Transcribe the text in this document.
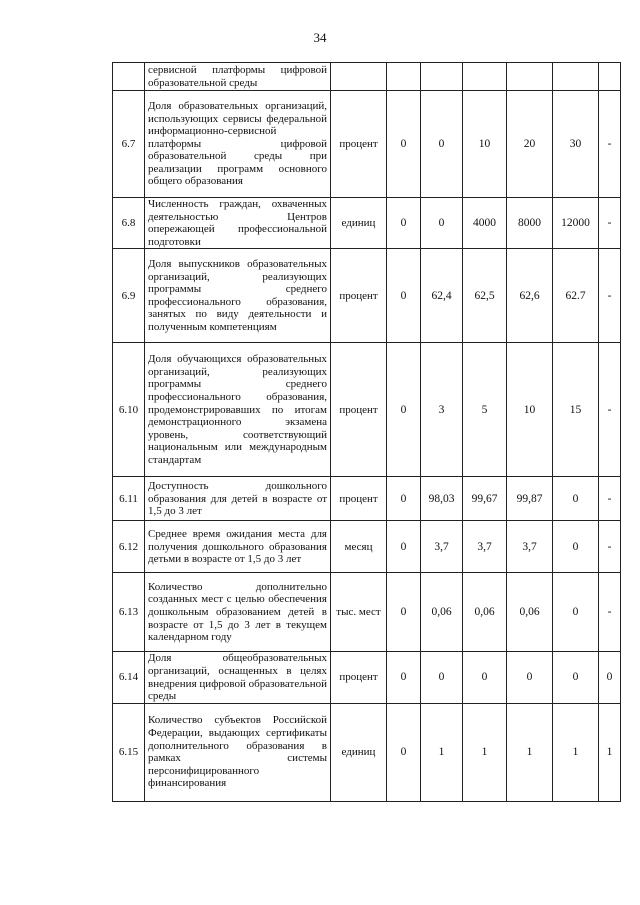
34
	сервисной платформы цифровой образовательной среды							
6.7	Доля образовательных организаций, использующих сервисы федеральной информационно-сервисной платформы цифровой образовательной среды при реализации программ основного общего образования	процент	0	0	10	20	30	-
6.8	Численность граждан, охваченных деятельностью Центров опережающей профессиональной подготовки	единиц	0	0	4000	8000	12000	-
6.9	Доля выпускников образовательных организаций, реализующих программы среднего профессионального образования, занятых по виду деятельности и полученным компетенциям	процент	0	62,4	62,5	62,6	62.7	-
6.10	Доля обучающихся образовательных организаций, реализующих программы среднего профессионального образования, продемонстрировавших по итогам демонстрационного экзамена уровень, соответствующий национальным или международным стандартам	процент	0	3	5	10	15	-
6.11	Доступность дошкольного образования для детей в возрасте от 1,5 до 3 лет	процент	0	98,03	99,67	99,87	0	-
6.12	Среднее время ожидания места для получения дошкольного образования детьми в возрасте от 1,5 до 3 лет	месяц	0	3,7	3,7	3,7	0	-
6.13	Количество дополнительно созданных мест с целью обеспечения дошкольным образованием детей в возрасте от 1,5 до 3 лет в текущем календарном году	тыс. мест	0	0,06	0,06	0,06	0	-
6.14	Доля общеобразовательных организаций, оснащенных в целях внедрения цифровой образовательной среды	процент	0	0	0	0	0	0
6.15	Количество субъектов Российской Федерации, выдающих сертификаты дополнительного образования в рамках системы персонифицированного финансирования	единиц	0	1	1	1	1	1
